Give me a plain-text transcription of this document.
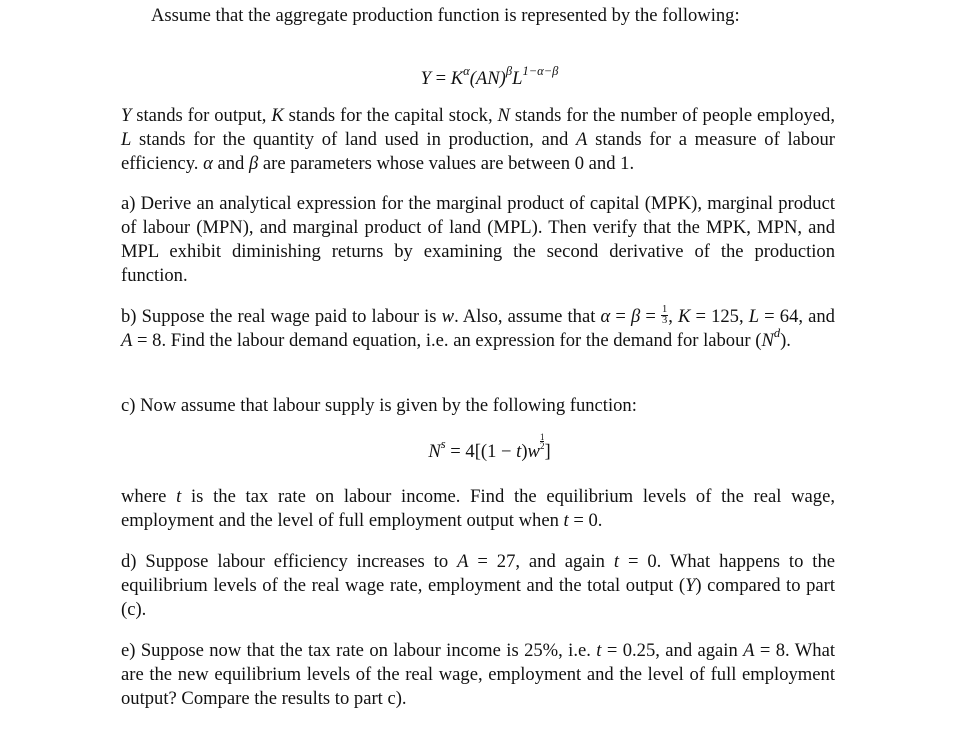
Assume that the aggregate production function is represented by the following:

$Y = K^\alpha(AN)^\beta L^{1-\alpha-\beta}$

Y stands for output, K stands for the capital stock, N stands for the number of people employed, L stands for the quantity of land used in production, and A stands for a measure of labour efficiency. α and β are parameters whose values are between 0 and 1.

a) Derive an analytical expression for the marginal product of capital (MPK), marginal product of labour (MPN), and marginal product of land (MPL). Then verify that the MPK, MPN, and MPL exhibit diminishing returns by examining the second derivative of the production function.

b) Suppose the real wage paid to labour is w. Also, assume that $\alpha = \beta = \frac{1}{3}$ , K = 125, L = 64, and A = 8. Find the labour demand equation, i.e. an expression for the demand for labour $(N^d)$.

c) Now assume that labour supply is given by the following function:

$N^s = 4[(1 - t)w \frac{1}{2}$ ]

where t is the tax rate on labour income. Find the equilibrium levels of the real wage, employment and the level of full employment output when t = 0.

d) Suppose labour efficiency increases to A = 27, and again t = 0. What happens to the equilibrium levels of the real wage rate, employment and the total output (Y) compared to part (c).

e) Suppose now that the tax rate on labour income is 25%, i.e. t = 0.25, and again A = 8. What are the new equilibrium levels of the real wage, employment and the level of full employment output? Compare the results to part c).
